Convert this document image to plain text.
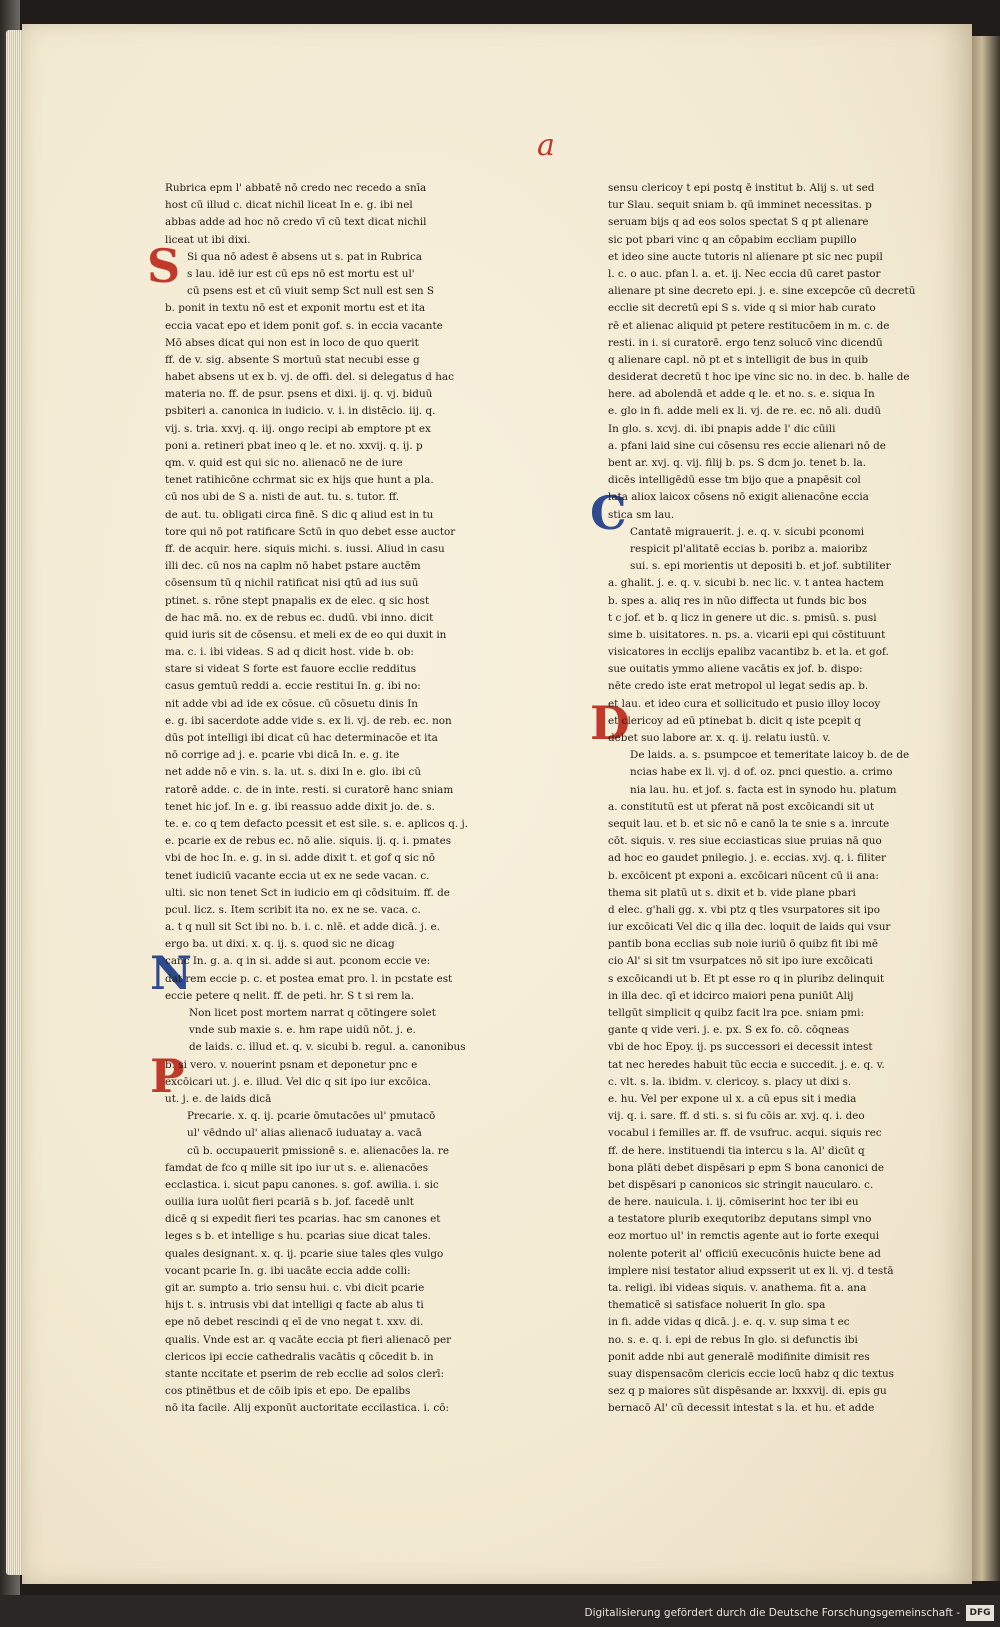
a
S
N
P
C
D
Rubrica epm l' abbatē nō credo nec recedo a snīa
host cū illud c. dicat nichil liceat In e. g. ibi nel
abbas adde ad hoc nō credo vī cū text dicat nichil
liceat ut ibi dixi.
Si qua nō adest ē absens ut s. pat in Rubrica
s lau. idē iur est cū eps nō est mortu est ul'
cū psens est et cū viuit semp Sct null est sen S
b. ponit in textu nō est et exponit mortu est et ita
eccia vacat epo et idem ponit gof. s. in eccia vacante
Mō abses dicat qui non est in loco de quo querit
ff. de v. sig. absente S mortuū stat necubi esse g
habet absens ut ex b. vj. de offi. del. si delegatus d hac
materia no. ff. de psur. psens et dixi. ij. q. vj. biduū
psbiteri a. canonica in iudicio. v. i. in distēcio. iij. q.
vij. s. tria. xxvj. q. iij. ongo recipi ab emptore pt ex
poni a. retineri pbat ineo q le. et no. xxvij. q. ij. p
qm. v. quid est qui sic no. alienacō ne de iure
tenet ratihicōne cchrmat sic ex hijs que hunt a pla.
cū nos ubi de S a. nisti de aut. tu. s. tutor. ff.
de aut. tu. obligati circa finē. S dic q aliud est in tu
tore qui nō pot ratificare Sctū in quo debet esse auctor
ff. de acquir. here. siquis michi. s. iussi. Aliud in casu
illi dec. cū nos na caplm nō habet pstare auctēm
cōsensum tū q nichil ratificat nisi qtū ad ius suū
ptinet. s. rōne stept pnapalis ex de elec. q sic host
de hac mā. no. ex de rebus ec. dudū. vbi inno. dicit
quid iuris sit de cōsensu. et meli ex de eo qui duxit in
ma. c. i. ibi videas. S ad q dicit host. vide b. ob:
stare si videat S forte est fauore ecclie redditus
casus gemtuū reddi a. eccie restitui In. g. ibi no:
nit adde vbi ad ide ex cōsue. cū cōsuetu dinis In
e. g. ibi sacerdote adde vide s. ex li. vj. de reb. ec. non
dūs pot intelligi ibi dicat cū hac determinacōe et ita
nō corrige ad j. e. pcarie vbi dicā In. e. g. ite
net adde nō e vin. s. la. ut. s. dixi In e. glo. ibi cū
ratorē adde. c. de in inte. resti. si curatorē hanc sniam
tenet hic jof. In e. g. ibi reassuo adde dixit jo. de. s.
te. e. co q tem defacto pcessit et est sile. s. e. aplicos q. j.
e. pcarie ex de rebus ec. nō alie. siquis. ij. q. i. pmates
vbi de hoc In. e. g. in si. adde dixit t. et gof q sic nō
tenet iudiciū vacante eccia ut ex ne sede vacan. c.
ulti. sic non tenet Sct in iudicio em qi cōdsituim. ff. de
pcul. licz. s. Item scribit ita no. ex ne se. vaca. c.
a. t q null sit Sct ibi no. b. i. c. nlē. et adde dicā. j. e.
ergo ba. ut dixi. x. q. ij. s. quod sic ne dicag
canc In. g. a. q in si. adde si aut. pconom eccie ve:
dat rem eccie p. c. et postea emat pro. l. in pcstate est
eccie petere q nelit. ff. de peti. hr. S t si rem la.
Non licet post mortem narrat q cōtingere solet
vnde sub maxie s. e. hm rape uidū nōt. j. e.
de laids. c. illud et. q. v. sicubi b. regul. a. canonibus
b. si vero. v. nouerint psnam et deponetur pnc e
excōicari ut. j. e. illud. Vel dic q sit ipo iur excōica.
ut. j. e. de laids dicā
Precarie. x. q. ij. pcarie ōmutacōes ul' pmutacō
ul' vēdndo ul' alias alienacō iuduatay a. vacā
cū b. occupauerit pmissionē s. e. alienacōes la. re
famdat de fco q mille sit ipo iur ut s. e. alienacōes
ecclastica. i. sicut papu canones. s. gof. awilia. i. sic
ouilia iura uolūt fieri pcariā s b. jof. facedē unlt
dicē q si expedit fieri tes pcarias. hac sm canones et
leges s b. et intellige s hu. pcarias siue dicat tales.
quales designant. x. q. ij. pcarie siue tales qles vulgo
vocant pcarie In. g. ibi uacāte eccia adde colli:
git ar. sumpto a. trio sensu hui. c. vbi dicit pcarie
hijs t. s. intrusis vbi dat intelligi q facte ab alus ti
epe nō debet rescindi q eī de vno negat t. xxv. di.
qualis. Vnde est ar. q vacāte eccia pt fieri alienacō per
clericos ipi eccie cathedralis vacātis q cōcedit b. in
stante nccitate et pserim de reb ecclie ad solos clerī:
cos ptinētbus et de cōib ipis et epo. De epalibs
nō ita facile. Alij exponūt auctoritate eccilastica. i. cō:
sensu clericoy t epi postq ē institut b. Alij s. ut sed
tur Slau. sequit sniam b. qū imminet necessitas. p
seruam bijs q ad eos solos spectat S q pt alienare
sic pot pbari vinc q an cōpabim eccliam pupillo
et ideo sine aucte tutoris nl alienare pt sic nec pupil
l. c. o auc. pfan l. a. et. ij. Nec eccia dū caret pastor
alienare pt sine decreto epi. j. e. sine excepcōe cū decretū
ecclie sit decretū epi S s. vide q si mior hab curato
rē et alienac aliquid pt petere restitucōem in m. c. de
resti. in i. si curatorē. ergo tenz solucō vinc dicendū
q alienare capl. nō pt et s intelligit de bus in quib
desiderat decretū t hoc ipe vinc sic no. in dec. b. halle de
here. ad abolendā et adde q le. et no. s. e. siqua In
e. glo in fi. adde meli ex li. vj. de re. ec. nō ali. dudū
In glo. s. xcvj. di. ibi pnapis adde l' dic cūili
a. pfani laid sine cui cōsensu res eccie alienari nō de
bent ar. xvj. q. vij. filij b. ps. S dcm jo. tenet b. la.
dicēs intelligēdū esse tm bijo que a pnapēsit col
lata aliox laicox cōsens nō exigit alienacōne eccia
stica sm lau.
Cantatē migrauerit. j. e. q. v. sicubi pconomi
respicit pl'alitatē eccias b. poribz a. maioribz
sui. s. epi morientis ut depositi b. et jof. subtiliter
a. ghalit. j. e. q. v. sicubi b. nec lic. v. t antea hactem
b. spes a. aliq res in nūo diffecta ut funds bic bos
t c jof. et b. q licz in genere ut dic. s. pmisū. s. pusi
sime b. uisitatores. n. ps. a. vicarii epi qui cōstituunt
visicatores in ecclijs epalibz vacantibz b. et la. et gof.
sue ouitatis ymmo aliene vacātis ex jof. b. dispo:
nēte credo iste erat metropol ul legat sedis ap. b.
et lau. et ideo cura et sollicitudo et pusio illoy locoy
et clericoy ad eū ptinebat b. dicit q iste pcepit q
debet suo labore ar. x. q. ij. relatu iustū. v.
De laids. a. s. psumpcoe et temeritate laicoy b. de de
ncias habe ex li. vj. d of. oz. pnci questio. a. crimo
nia lau. hu. et jof. s. facta est in synodo hu. platum
a. constitutū est ut pferat nā post excōicandi sit ut
sequit lau. et b. et sic nō e canō la te snie s a. inrcute
cōt. siquis. v. res siue ecciasticas siue pruias nā quo
ad hoc eo gaudet pnilegio. j. e. eccias. xvj. q. i. filiter
b. excōicent pt exponi a. excōicari nūcent cū ii ana:
thema sit platū ut s. dixit et b. vide plane pbari
d elec. g'hali gg. x. vbi ptz q tles vsurpatores sit ipo
iur excōicati Vel dic q illa dec. loquit de laids qui vsur
pantib bona ecclias sub noie iuriū ō quibz fit ibi mē
cio Al' si sit tm vsurpatces nō sit ipo iure excōicati
s excōicandi ut b. Et pt esse ro q in pluribz delinquit
in illa dec. qī et idcirco maiori pena puniūt Alij
tellgūt simplicit q quibz facit lra pce. sniam pmi:
gante q vide veri. j. e. px. S ex fo. cō. cōqneas
vbi de hoc Epoy. ij. ps successori ei decessit intest
tat nec heredes habuit tūc eccia e succedit. j. e. q. v.
c. vlt. s. la. ibidm. v. clericoy. s. placy ut dixi s.
e. hu. Vel per expone ul x. a cū epus sit i media
vij. q. i. sare. ff. d sti. s. si fu cōis ar. xvj. q. i. deo
vocabul i femilles ar. ff. de vsufruc. acqui. siquis rec
ff. de here. instituendi tia intercu s la. Al' dicūt q
bona plāti debet dispēsari p epm S bona canonici de
bet dispēsari p canonicos sic stringit naucularo. c.
de here. nauicula. i. ij. cōmiserint hoc ter ibi eu
a testatore plurib exequtoribz deputans simpl vno
eoz mortuo ul' in remctis agente aut io forte exequi
nolente poterit al' officiū execucōnis huicte bene ad
implere nisi testator aliud expsserit ut ex li. vj. d testā
ta. religi. ibi videas siquis. v. anathema. fit a. ana
thematicē si satisface noluerit In glo. spa
in fi. adde vidas q dicā. j. e. q. v. sup sima t ec
no. s. e. q. i. epi de rebus In glo. si defunctis ibi
ponit adde nbi aut generalē modifinite dimisit res
suay dispensacōm clericis eccie locū habz q dic textus
sez q p maiores sūt dispēsande ar. lxxxvij. di. epis gu
bernacō Al' cū decessit intestat s la. et hu. et adde
Digitalisierung gefördert durch die Deutsche Forschungsgemeinschaft -	DFG
